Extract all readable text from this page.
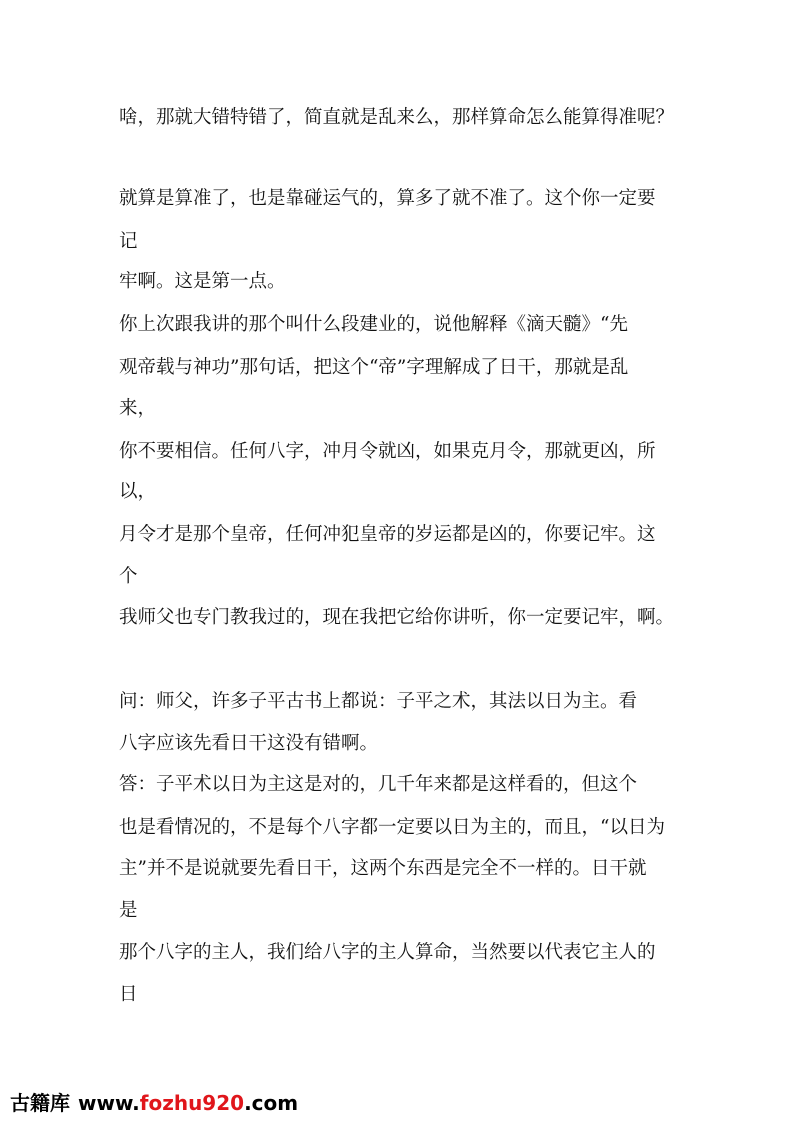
啥，那就大错特错了，简直就是乱来么，那样算命怎么能算得准呢？
就算是算准了，也是靠碰运气的，算多了就不准了。这个你一定要
记
牢啊。这是第一点。
你上次跟我讲的那个叫什么段建业的，说他解释《滴天髓》“先
观帝载与神功”那句话，把这个“帝”字理解成了日干，那就是乱
来，
你不要相信。任何八字，冲月令就凶，如果克月令，那就更凶，所
以，
月令才是那个皇帝，任何冲犯皇帝的岁运都是凶的，你要记牢。这
个
我师父也专门教我过的，现在我把它给你讲听，你一定要记牢，啊。
问：师父，许多子平古书上都说：子平之术，其法以日为主。看
八字应该先看日干这没有错啊。
答：子平术以日为主这是对的，几千年来都是这样看的，但这个
也是看情况的，不是每个八字都一定要以日为主的，而且，“以日为
主”并不是说就要先看日干，这两个东西是完全不一样的。日干就
是
那个八字的主人，我们给八字的主人算命，当然要以代表它主人的
日
古籍库 www.fozhu920.com
